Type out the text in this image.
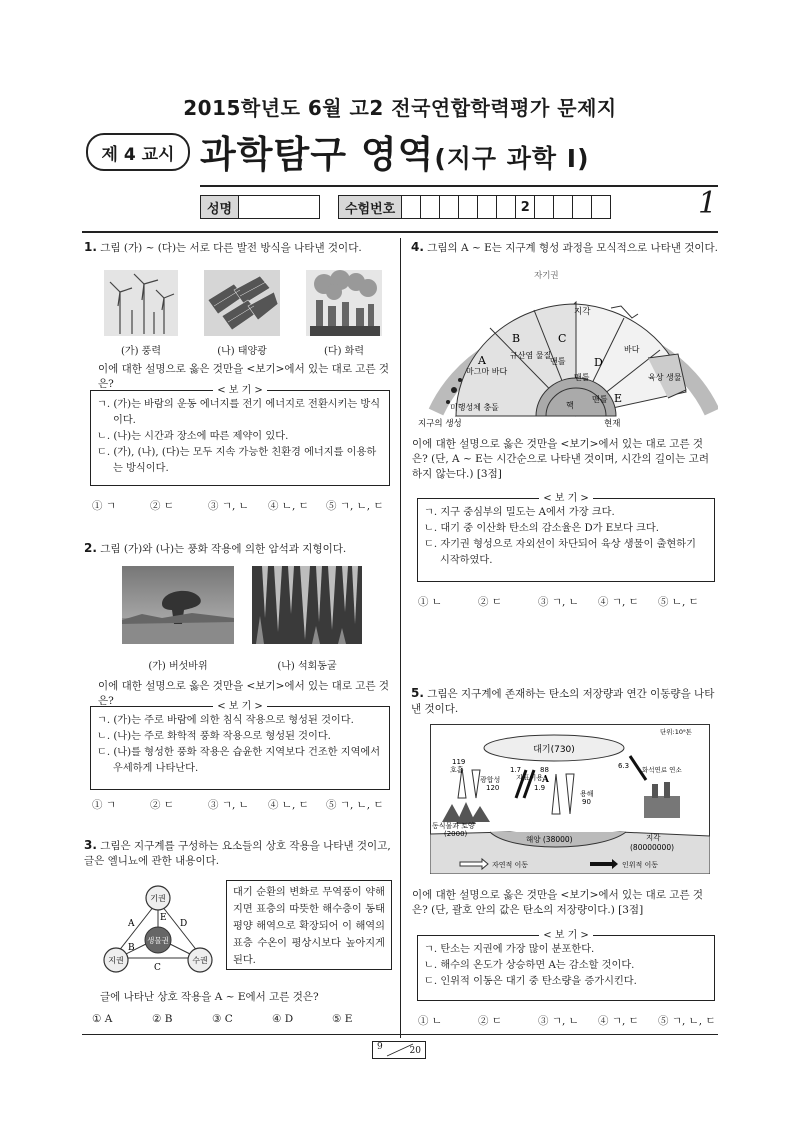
2015학년도 6월 고2 전국연합학력평가 문제지
제 4 교시 과학탐구 영역(지구 과학 Ⅰ)
성명	수험번호	2	1
1. 그림 (가) ~ (다)는 서로 다른 발전 방식을 나타낸 것이다.
(가) 풍력	(나) 태양광	(다) 화력
이에 대한 설명으로 옳은 것만을 <보기>에서 있는 대로 고른 것은?
< 보 기 >
ㄱ. (가)는 바람의 운동 에너지를 전기 에너지로 전환시키는 방식이다.
ㄴ. (나)는 시간과 장소에 따른 제약이 있다.
ㄷ. (가), (나), (다)는 모두 지속 가능한 친환경 에너지를 이용하는 방식이다.
① ㄱ	② ㄷ	③ ㄱ, ㄴ	④ ㄴ, ㄷ	⑤ ㄱ, ㄴ, ㄷ
2. 그림 (가)와 (나)는 풍화 작용에 의한 암석과 지형이다.
(가) 버섯바위	(나) 석회동굴
이에 대한 설명으로 옳은 것만을 <보기>에서 있는 대로 고른 것은?	< 보 기 >
ㄱ. (가)는 주로 바람에 의한 침식 작용으로 형성된 것이다.
ㄴ. (나)는 주로 화학적 풍화 작용으로 형성된 것이다.
ㄷ. (나)를 형성한 풍화 작용은 습윤한 지역보다 건조한 지역에서 우세하게 나타난다.
① ㄱ	② ㄷ	③ ㄱ, ㄴ	④ ㄴ, ㄷ	⑤ ㄱ, ㄴ, ㄷ
3. 그림은 지구계를 구성하는 요소들의 상호 작용을 나타낸 것이고, 글은 엘니뇨에 관한 내용이다.
기권
생물권
지권	수권
A
B
C
D
E
대기 순환의 변화로 무역풍이 약해지면 표층의 따뜻한 해수층이 동태평양 해역으로 확장되어 이 해역의 표층 수온이 평상시보다 높아지게 된다.
글에 나타난 상호 작용을 A ~ E에서 고른 것은?
① A	② B	③ C	④ D	⑤ E
4. 그림의 A ~ E는 지구계 형성 과정을 모식적으로 나타낸 것이다.
자기권
지각
A
B	C
D
E
마그마 바다
규산염 물질
맨틀
맨틀
맨틀
바다
육상 생물
핵
미행성체 충돌
지구의 생성	현재
이에 대한 설명으로 옳은 것만을 <보기>에서 있는 대로 고른 것은? (단, A ~ E는 시간순으로 나타낸 것이며, 시간의 길이는 고려하지 않는다.) [3점]
< 보 기 >
ㄱ. 지구 중심부의 밀도는 A에서 가장 크다.
ㄴ. 대기 중 이산화 탄소의 감소율은 D가 E보다 크다.
ㄷ. 자기권 형성으로 자외선이 차단되어 육상 생물이 출현하기 시작하였다.
① ㄴ	② ㄷ	③ ㄱ, ㄴ	④ ㄱ, ㄷ	⑤ ㄴ, ㄷ
5. 그림은 지구계에 존재하는 탄소의 저장량과 연간 이동량을 나타낸 것이다.
단위:10⁹톤
대기(730)
119
호흡
광합성
120
1.7
지표이용
1.9
88
A
용해
90
6.3 화석연료 연소
동식물과 토양
(2000)
해양 (38000)	지각
(80000000)
자연적 이동	인위적 이동
이에 대한 설명으로 옳은 것만을 <보기>에서 있는 대로 고른 것은? (단, 괄호 안의 값은 탄소의 저장량이다.) [3점]
< 보 기 >
ㄱ. 탄소는 지권에 가장 많이 분포한다.
ㄴ. 해수의 온도가 상승하면 A는 감소할 것이다.
ㄷ. 인위적 이동은 대기 중 탄소량을 증가시킨다.
① ㄴ	② ㄷ	③ ㄱ, ㄴ	④ ㄱ, ㄷ	⑤ ㄱ, ㄴ, ㄷ
9	20
